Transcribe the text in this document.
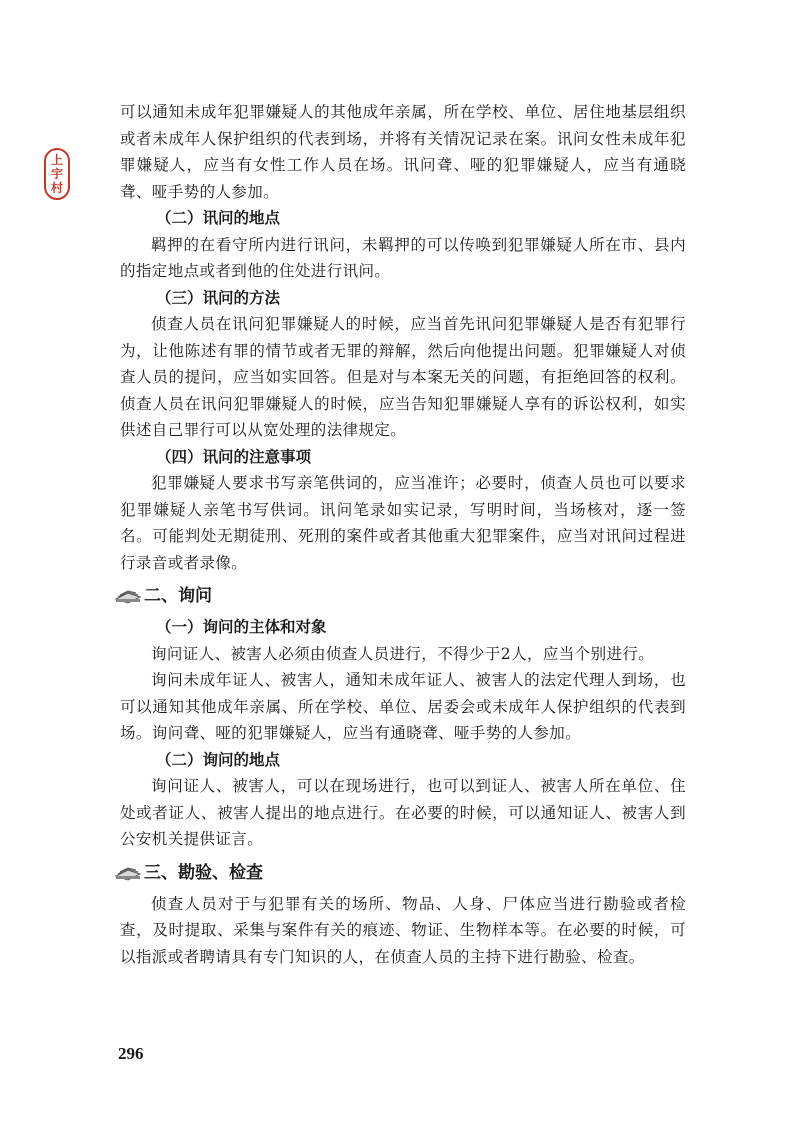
上
宇
村

可以通知未成年犯罪嫌疑人的其他成年亲属，所在学校、单位、居住地基层组织或者未成年人保护组织的代表到场，并将有关情况记录在案。讯问女性未成年犯罪嫌疑人，应当有女性工作人员在场。讯问聋、哑的犯罪嫌疑人，应当有通晓聋、哑手势的人参加。

（二）讯问的地点

羁押的在看守所内进行讯问，未羁押的可以传唤到犯罪嫌疑人所在市、县内的指定地点或者到他的住处进行讯问。

（三）讯问的方法

侦查人员在讯问犯罪嫌疑人的时候，应当首先讯问犯罪嫌疑人是否有犯罪行为，让他陈述有罪的情节或者无罪的辩解，然后向他提出问题。犯罪嫌疑人对侦查人员的提问，应当如实回答。但是对与本案无关的问题，有拒绝回答的权利。侦查人员在讯问犯罪嫌疑人的时候，应当告知犯罪嫌疑人享有的诉讼权利，如实供述自己罪行可以从宽处理的法律规定。

（四）讯问的注意事项

犯罪嫌疑人要求书写亲笔供词的，应当准许；必要时，侦查人员也可以要求犯罪嫌疑人亲笔书写供词。讯问笔录如实记录，写明时间，当场核对，逐一签名。可能判处无期徒刑、死刑的案件或者其他重大犯罪案件，应当对讯问过程进行录音或者录像。

二、询问
（一）询问的主体和对象

询问证人、被害人必须由侦查人员进行，不得少于2人，应当个别进行。

询问未成年证人、被害人，通知未成年证人、被害人的法定代理人到场，也可以通知其他成年亲属、所在学校、单位、居委会或未成年人保护组织的代表到场。询问聋、哑的犯罪嫌疑人，应当有通晓聋、哑手势的人参加。

（二）询问的地点

询问证人、被害人，可以在现场进行，也可以到证人、被害人所在单位、住处或者证人、被害人提出的地点进行。在必要的时候，可以通知证人、被害人到公安机关提供证言。

三、勘验、检查

侦查人员对于与犯罪有关的场所、物品、人身、尸体应当进行勘验或者检查，及时提取、采集与案件有关的痕迹、物证、生物样本等。在必要的时候，可以指派或者聘请具有专门知识的人，在侦查人员的主持下进行勘验、检查。

296
